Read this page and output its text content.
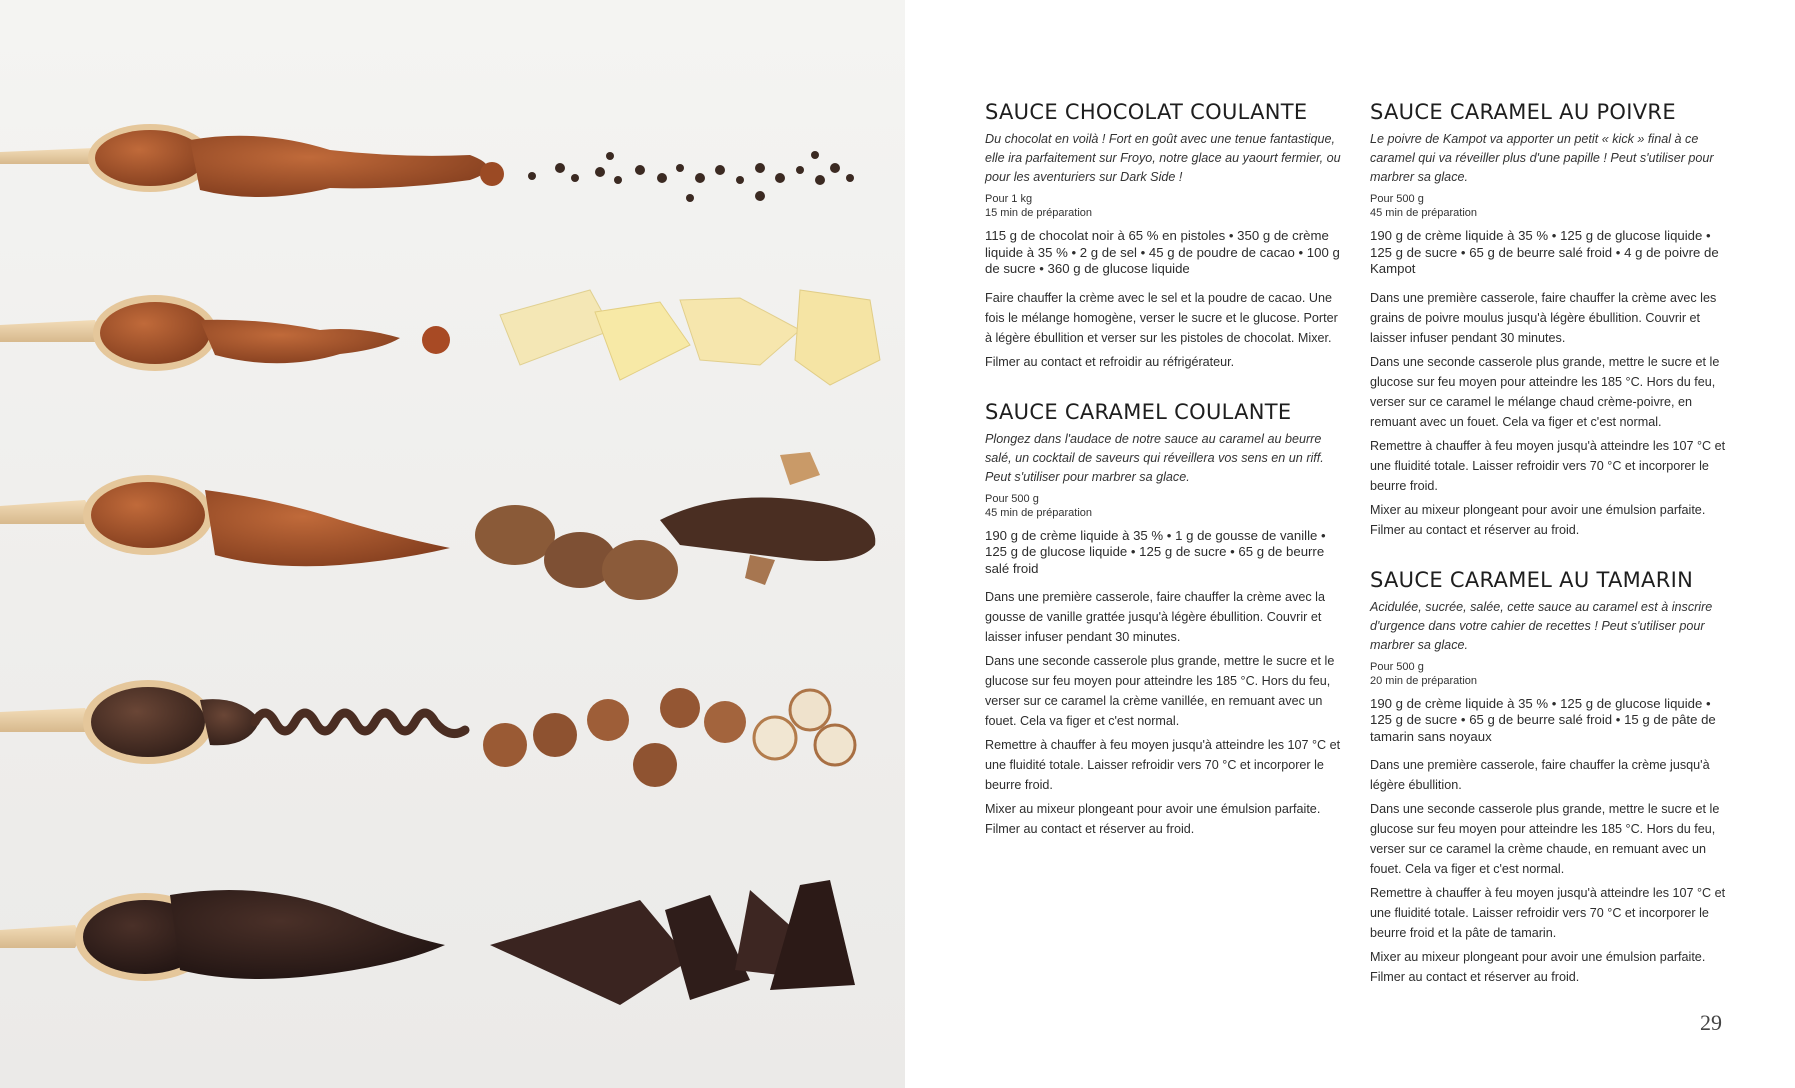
SAUCE CHOCOLAT COULANTE

Du chocolat en voilà ! Fort en goût avec une tenue fantastique, elle ira parfaitement sur Froyo, notre glace au yaourt fermier, ou pour les aventuriers sur Dark Side !

Pour 1 kg
15 min de préparation

115 g de chocolat noir à 65 % en pistoles • 350 g de crème liquide à 35 % • 2 g de sel • 45 g de poudre de cacao • 100 g de sucre • 360 g de glucose liquide

Faire chauffer la crème avec le sel et la poudre de cacao. Une fois le mélange homogène, verser le sucre et le glucose. Porter à légère ébullition et verser sur les pistoles de chocolat. Mixer.

Filmer au contact et refroidir au réfrigérateur.

SAUCE CARAMEL COULANTE

Plongez dans l'audace de notre sauce au caramel au beurre salé, un cocktail de saveurs qui réveillera vos sens en un riff. Peut s'utiliser pour marbrer sa glace.

Pour 500 g
45 min de préparation

190 g de crème liquide à 35 % • 1 g de gousse de vanille • 125 g de glucose liquide • 125 g de sucre • 65 g de beurre salé froid

Dans une première casserole, faire chauffer la crème avec la gousse de vanille grattée jusqu'à légère ébullition. Couvrir et laisser infuser pendant 30 minutes.

Dans une seconde casserole plus grande, mettre le sucre et le glucose sur feu moyen pour atteindre les 185 °C. Hors du feu, verser sur ce caramel la crème vanillée, en remuant avec un fouet. Cela va figer et c'est normal.

Remettre à chauffer à feu moyen jusqu'à atteindre les 107 °C et une fluidité totale. Laisser refroidir vers 70 °C et incorporer le beurre froid.

Mixer au mixeur plongeant pour avoir une émulsion parfaite. Filmer au contact et réserver au froid.

SAUCE CARAMEL AU POIVRE

Le poivre de Kampot va apporter un petit « kick » final à ce caramel qui va réveiller plus d'une papille ! Peut s'utiliser pour marbrer sa glace.

Pour 500 g
45 min de préparation

190 g de crème liquide à 35 % • 125 g de glucose liquide • 125 g de sucre • 65 g de beurre salé froid • 4 g de poivre de Kampot

Dans une première casserole, faire chauffer la crème avec les grains de poivre moulus jusqu'à légère ébullition. Couvrir et laisser infuser pendant 30 minutes.

Dans une seconde casserole plus grande, mettre le sucre et le glucose sur feu moyen pour atteindre les 185 °C. Hors du feu, verser sur ce caramel le mélange chaud crème-poivre, en remuant avec un fouet. Cela va figer et c'est normal.

Remettre à chauffer à feu moyen jusqu'à atteindre les 107 °C et une fluidité totale. Laisser refroidir vers 70 °C et incorporer le beurre froid.

Mixer au mixeur plongeant pour avoir une émulsion parfaite. Filmer au contact et réserver au froid.

SAUCE CARAMEL AU TAMARIN

Acidulée, sucrée, salée, cette sauce au caramel est à inscrire d'urgence dans votre cahier de recettes ! Peut s'utiliser pour marbrer sa glace.

Pour 500 g
20 min de préparation

190 g de crème liquide à 35 % • 125 g de glucose liquide • 125 g de sucre • 65 g de beurre salé froid • 15 g de pâte de tamarin sans noyaux

Dans une première casserole, faire chauffer la crème jusqu'à légère ébullition.

Dans une seconde casserole plus grande, mettre le sucre et le glucose sur feu moyen pour atteindre les 185 °C. Hors du feu, verser sur ce caramel la crème chaude, en remuant avec un fouet. Cela va figer et c'est normal.

Remettre à chauffer à feu moyen jusqu'à atteindre les 107 °C et une fluidité totale. Laisser refroidir vers 70 °C et incorporer le beurre froid et la pâte de tamarin.

Mixer au mixeur plongeant pour avoir une émulsion parfaite. Filmer au contact et réserver au froid.

29
